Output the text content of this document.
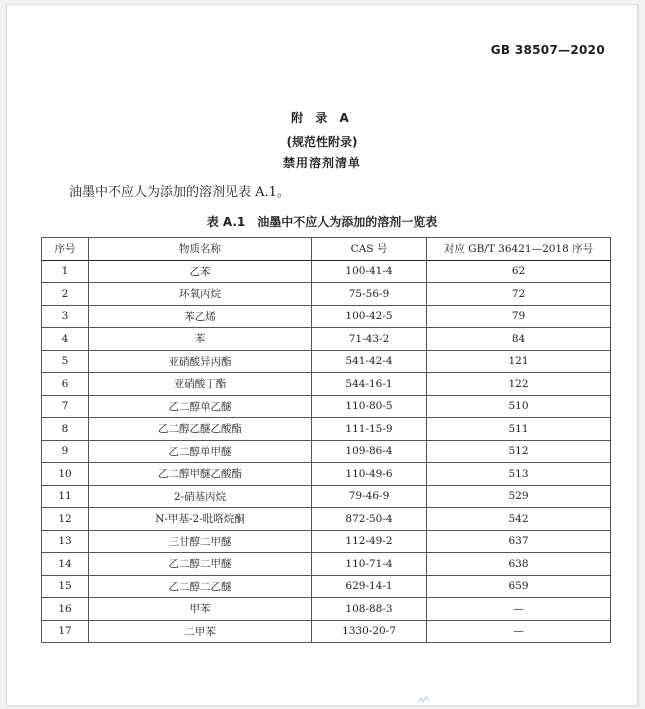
GB 38507—2020
附 录 A
(规范性附录)
禁用溶剂清单
油墨中不应人为添加的溶剂见表 A.1。
表 A.1　油墨中不应人为添加的溶剂一览表
序号	物质名称	CAS 号	对应 GB/T 36421—2018 序号
1	乙苯	100-41-4	62
2	环氧丙烷	75-56-9	72
3	苯乙烯	100-42-5	79
4	苯	71-43-2	84
5	亚硝酸异丙酯	541-42-4	121
6	亚硝酸丁酯	544-16-1	122
7	乙二醇单乙醚	110-80-5	510
8	乙二醇乙醚乙酸酯	111-15-9	511
9	乙二醇单甲醚	109-86-4	512
10	乙二醇甲醚乙酸酯	110-49-6	513
11	2-硝基丙烷	79-46-9	529
12	N-甲基-2-吡咯烷酮	872-50-4	542
13	三甘醇二甲醚	112-49-2	637
14	乙二醇二甲醚	110-71-4	638
15	乙二醇二乙醚	629-14-1	659
16	甲苯	108-88-3	—
17	二甲苯	1330-20-7	—
